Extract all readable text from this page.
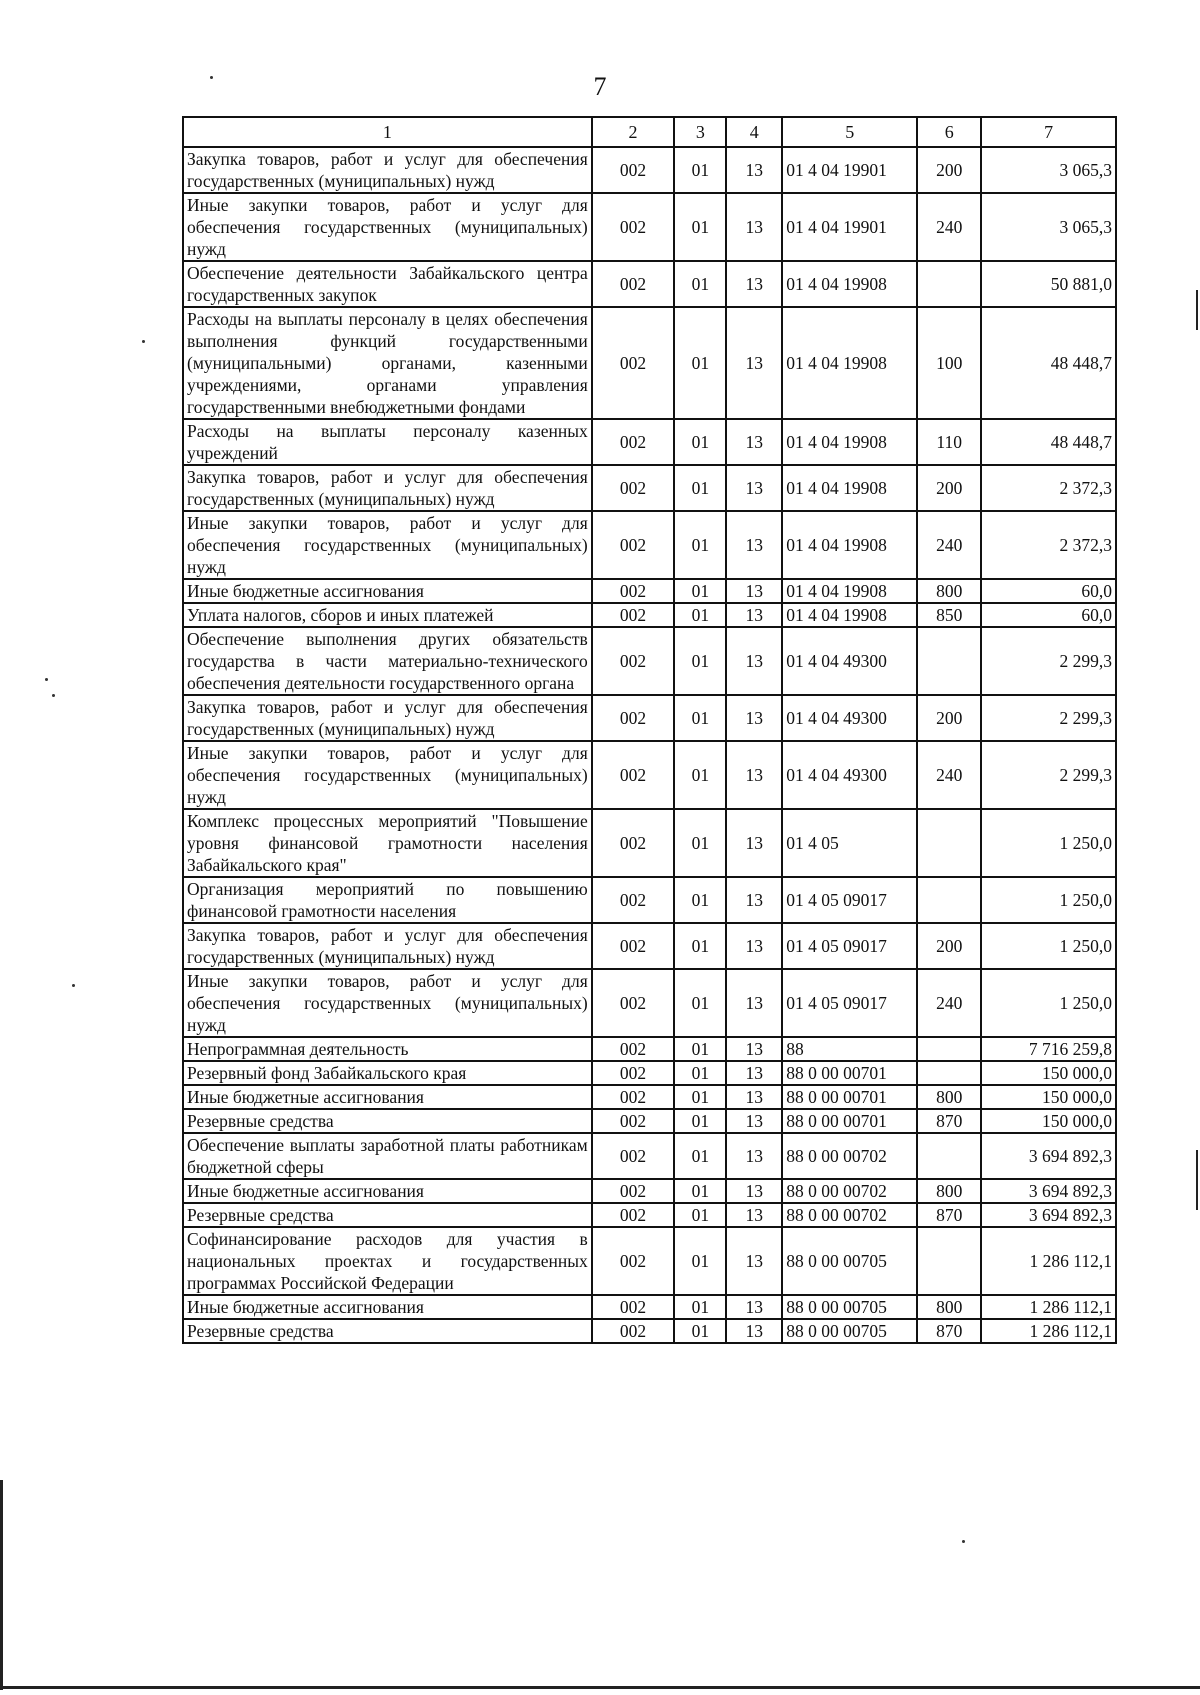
7
1	2	3	4	5	6	7
Закупка товаров, работ и услуг для обеспечения государственных (муниципальных) нужд	002	01	13	01 4 04 19901	200	3 065,3
Иные закупки товаров, работ и услуг для обеспечения государственных (муниципальных) нужд	002	01	13	01 4 04 19901	240	3 065,3
Обеспечение деятельности Забайкальского центра государственных закупок	002	01	13	01 4 04 19908		50 881,0
Расходы на выплаты персоналу в целях обеспечения выполнения функций государственными (муниципальными) органами, казенными учреждениями, органами управления государственными внебюджетными фондами	002	01	13	01 4 04 19908	100	48 448,7
Расходы на выплаты персоналу казенных учреждений	002	01	13	01 4 04 19908	110	48 448,7
Закупка товаров, работ и услуг для обеспечения государственных (муниципальных) нужд	002	01	13	01 4 04 19908	200	2 372,3
Иные закупки товаров, работ и услуг для обеспечения государственных (муниципальных) нужд	002	01	13	01 4 04 19908	240	2 372,3
Иные бюджетные ассигнования	002	01	13	01 4 04 19908	800	60,0
Уплата налогов, сборов и иных платежей	002	01	13	01 4 04 19908	850	60,0
Обеспечение выполнения других обязательств государства в части материально-технического обеспечения деятельности государственного органа	002	01	13	01 4 04 49300		2 299,3
Закупка товаров, работ и услуг для обеспечения государственных (муниципальных) нужд	002	01	13	01 4 04 49300	200	2 299,3
Иные закупки товаров, работ и услуг для обеспечения государственных (муниципальных) нужд	002	01	13	01 4 04 49300	240	2 299,3
Комплекс процессных мероприятий "Повышение уровня финансовой грамотности населения Забайкальского края"	002	01	13	01 4 05		1 250,0
Организация мероприятий по повышению финансовой грамотности населения	002	01	13	01 4 05 09017		1 250,0
Закупка товаров, работ и услуг для обеспечения государственных (муниципальных) нужд	002	01	13	01 4 05 09017	200	1 250,0
Иные закупки товаров, работ и услуг для обеспечения государственных (муниципальных) нужд	002	01	13	01 4 05 09017	240	1 250,0
Непрограммная деятельность	002	01	13	88		7 716 259,8
Резервный фонд Забайкальского края	002	01	13	88 0 00 00701		150 000,0
Иные бюджетные ассигнования	002	01	13	88 0 00 00701	800	150 000,0
Резервные средства	002	01	13	88 0 00 00701	870	150 000,0
Обеспечение выплаты заработной платы работникам бюджетной сферы	002	01	13	88 0 00 00702		3 694 892,3
Иные бюджетные ассигнования	002	01	13	88 0 00 00702	800	3 694 892,3
Резервные средства	002	01	13	88 0 00 00702	870	3 694 892,3
Софинансирование расходов для участия в национальных проектах и государственных программах Российской Федерации	002	01	13	88 0 00 00705		1 286 112,1
Иные бюджетные ассигнования	002	01	13	88 0 00 00705	800	1 286 112,1
Резервные средства	002	01	13	88 0 00 00705	870	1 286 112,1
